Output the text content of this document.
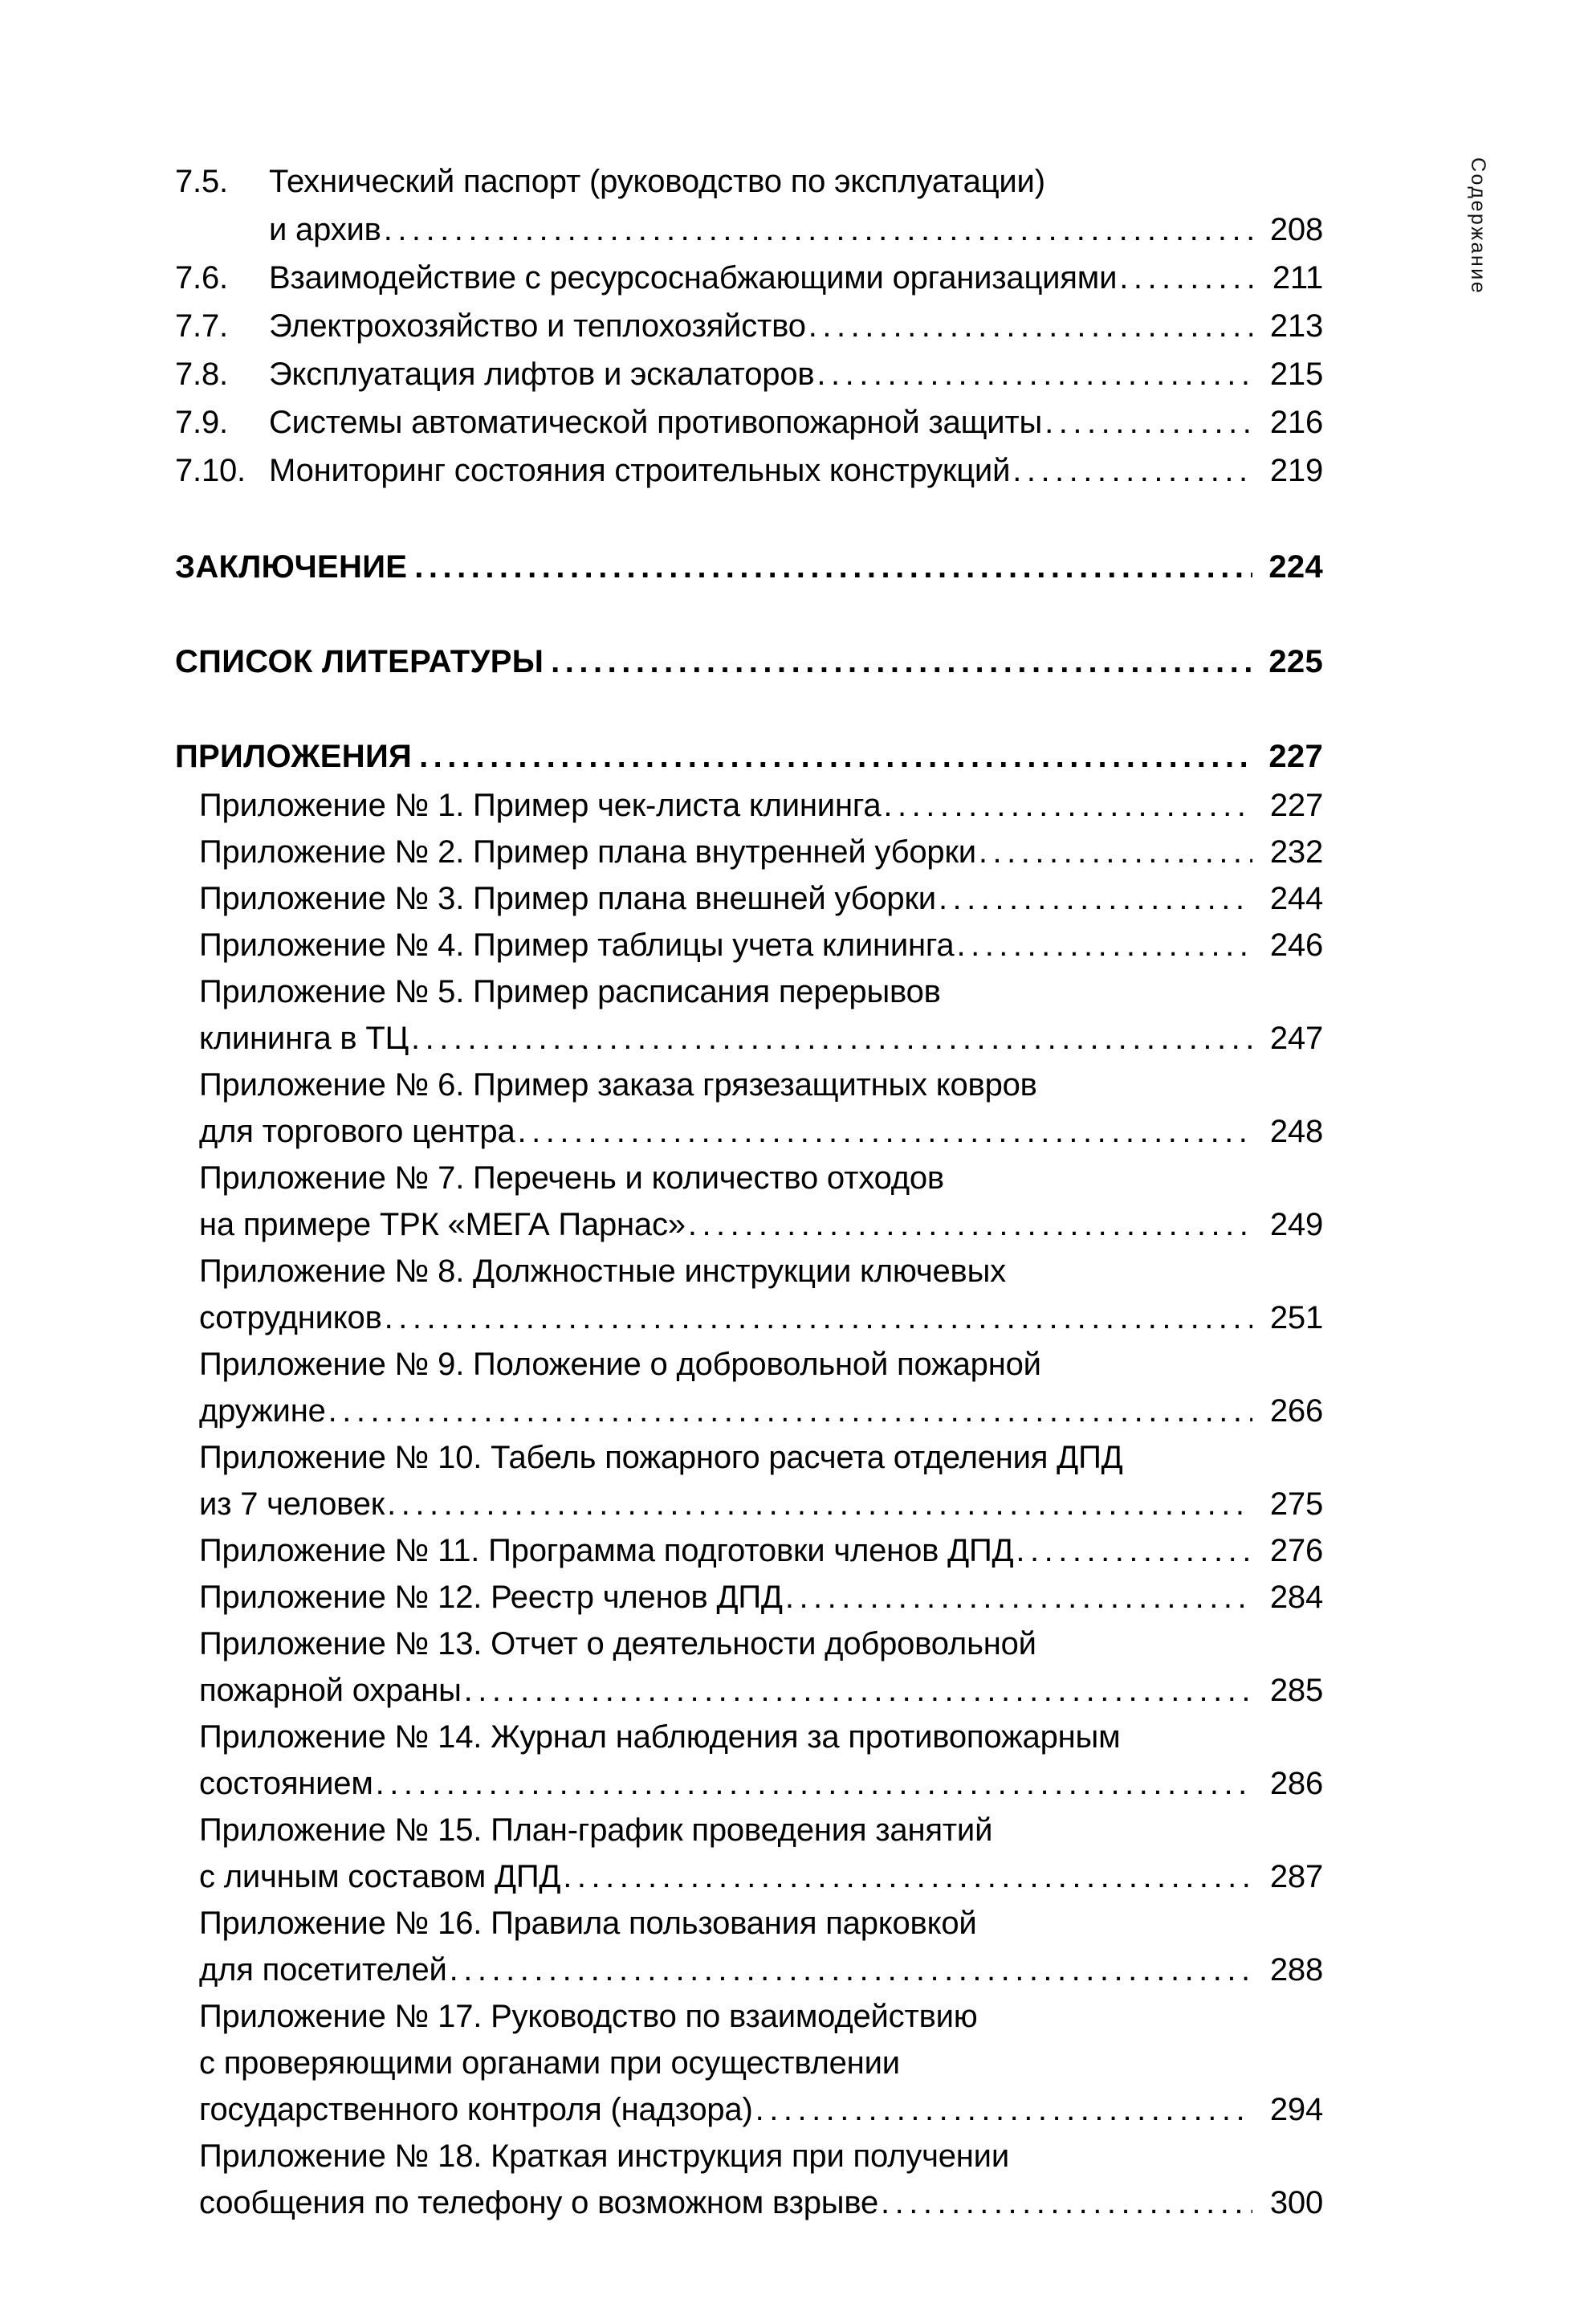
Содержание
7.5.	Технический паспорт (руководство по эксплуатации)
и архив .....	208
7.6.	Взаимодействие с ресурсоснабжающими организациями .....	211
7.7.	Электрохозяйство и теплохозяйство .....	213
7.8.	Эксплуатация лифтов и эскалаторов .....	215
7.9.	Системы автоматической противопожарной защиты .....	216
7.10. Мониторинг состояния строительных конструкций .....	219
ЗАКЛЮЧЕНИЕ .....	224
СПИСОК ЛИТЕРАТУРЫ .....	225
ПРИЛОЖЕНИЯ .....	227
Приложение № 1. Пример чек-листа клининга .....	227
Приложение № 2. Пример плана внутренней уборки .....	232
Приложение № 3. Пример плана внешней уборки .....	244
Приложение № 4. Пример таблицы учета клининга .....	246
Приложение № 5. Пример расписания перерывов
клининга в ТЦ .....	247
Приложение № 6. Пример заказа грязезащитных ковров
для торгового центра .....	248
Приложение № 7. Перечень и количество отходов
на примере ТРК «МЕГА Парнас» .....	249
Приложение № 8. Должностные инструкции ключевых
сотрудников .....	251
Приложение № 9. Положение о добровольной пожарной
дружине .....	266
Приложение № 10. Табель пожарного расчета отделения ДПД
из 7 человек .....	275
Приложение № 11. Программа подготовки членов ДПД .....	276
Приложение № 12. Реестр членов ДПД .....	284
Приложение № 13. Отчет о деятельности добровольной
пожарной охраны .....	285
Приложение № 14. Журнал наблюдения за противопожарным
состоянием .....	286
Приложение № 15. План-график проведения занятий
с личным составом ДПД .....	287
Приложение № 16. Правила пользования парковкой
для посетителей .....	288
Приложение № 17. Руководство по взаимодействию
с проверяющими органами при осуществлении
государственного контроля (надзора) .....	294
Приложение № 18. Краткая инструкция при получении
сообщения по телефону о возможном взрыве .....	300
